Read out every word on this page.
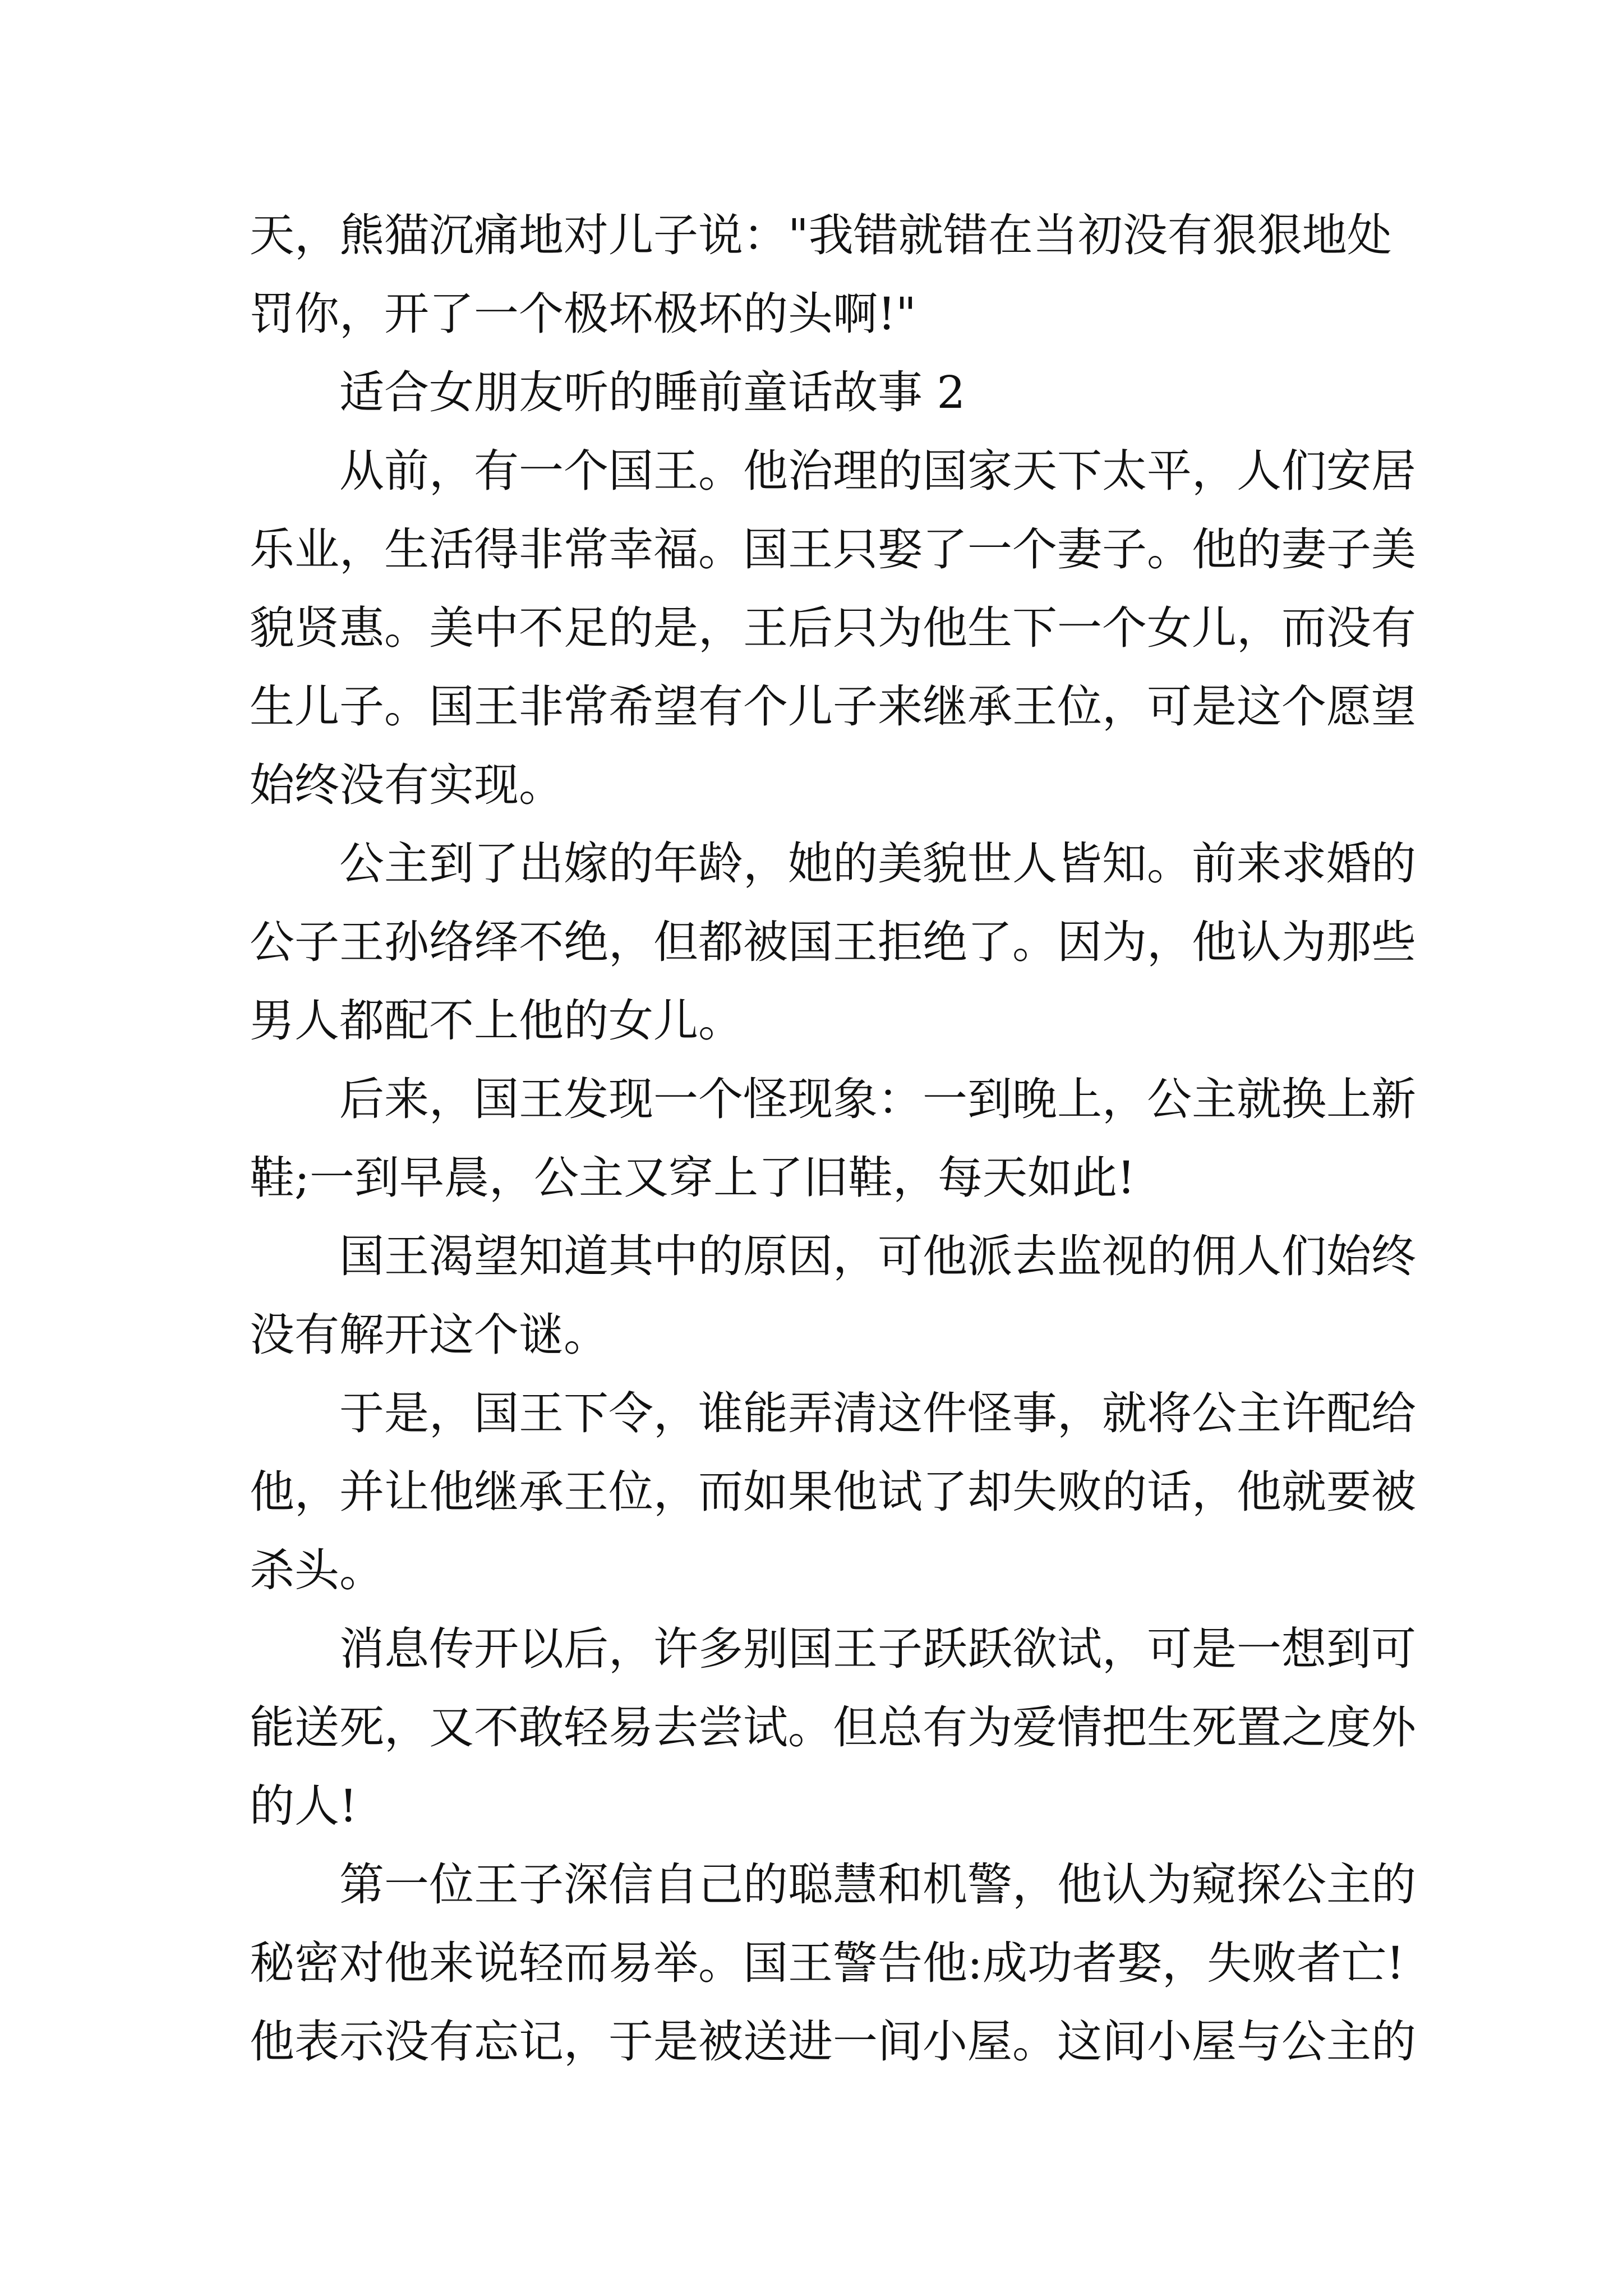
天，熊猫沉痛地对儿子说："我错就错在当初没有狠狠地处
罚你，开了一个极坏极坏的头啊!"
适合女朋友听的睡前童话故事 2
从前，有一个国王。他治理的国家天下太平，人们安居
乐业，生活得非常幸福。国王只娶了一个妻子。他的妻子美
貌贤惠。美中不足的是，王后只为他生下一个女儿，而没有
生儿子。国王非常希望有个儿子来继承王位，可是这个愿望
始终没有实现。
公主到了出嫁的年龄，她的美貌世人皆知。前来求婚的
公子王孙络绎不绝，但都被国王拒绝了。因为，他认为那些
男人都配不上他的女儿。
后来，国王发现一个怪现象：一到晚上，公主就换上新
鞋;一到早晨，公主又穿上了旧鞋，每天如此!
国王渴望知道其中的原因，可他派去监视的佣人们始终
没有解开这个谜。
于是，国王下令，谁能弄清这件怪事，就将公主许配给
他，并让他继承王位，而如果他试了却失败的话，他就要被
杀头。
消息传开以后，许多别国王子跃跃欲试，可是一想到可
能送死，又不敢轻易去尝试。但总有为爱情把生死置之度外
的人!
第一位王子深信自己的聪慧和机警，他认为窥探公主的
秘密对他来说轻而易举。国王警告他:成功者娶，失败者亡!
他表示没有忘记，于是被送进一间小屋。这间小屋与公主的
